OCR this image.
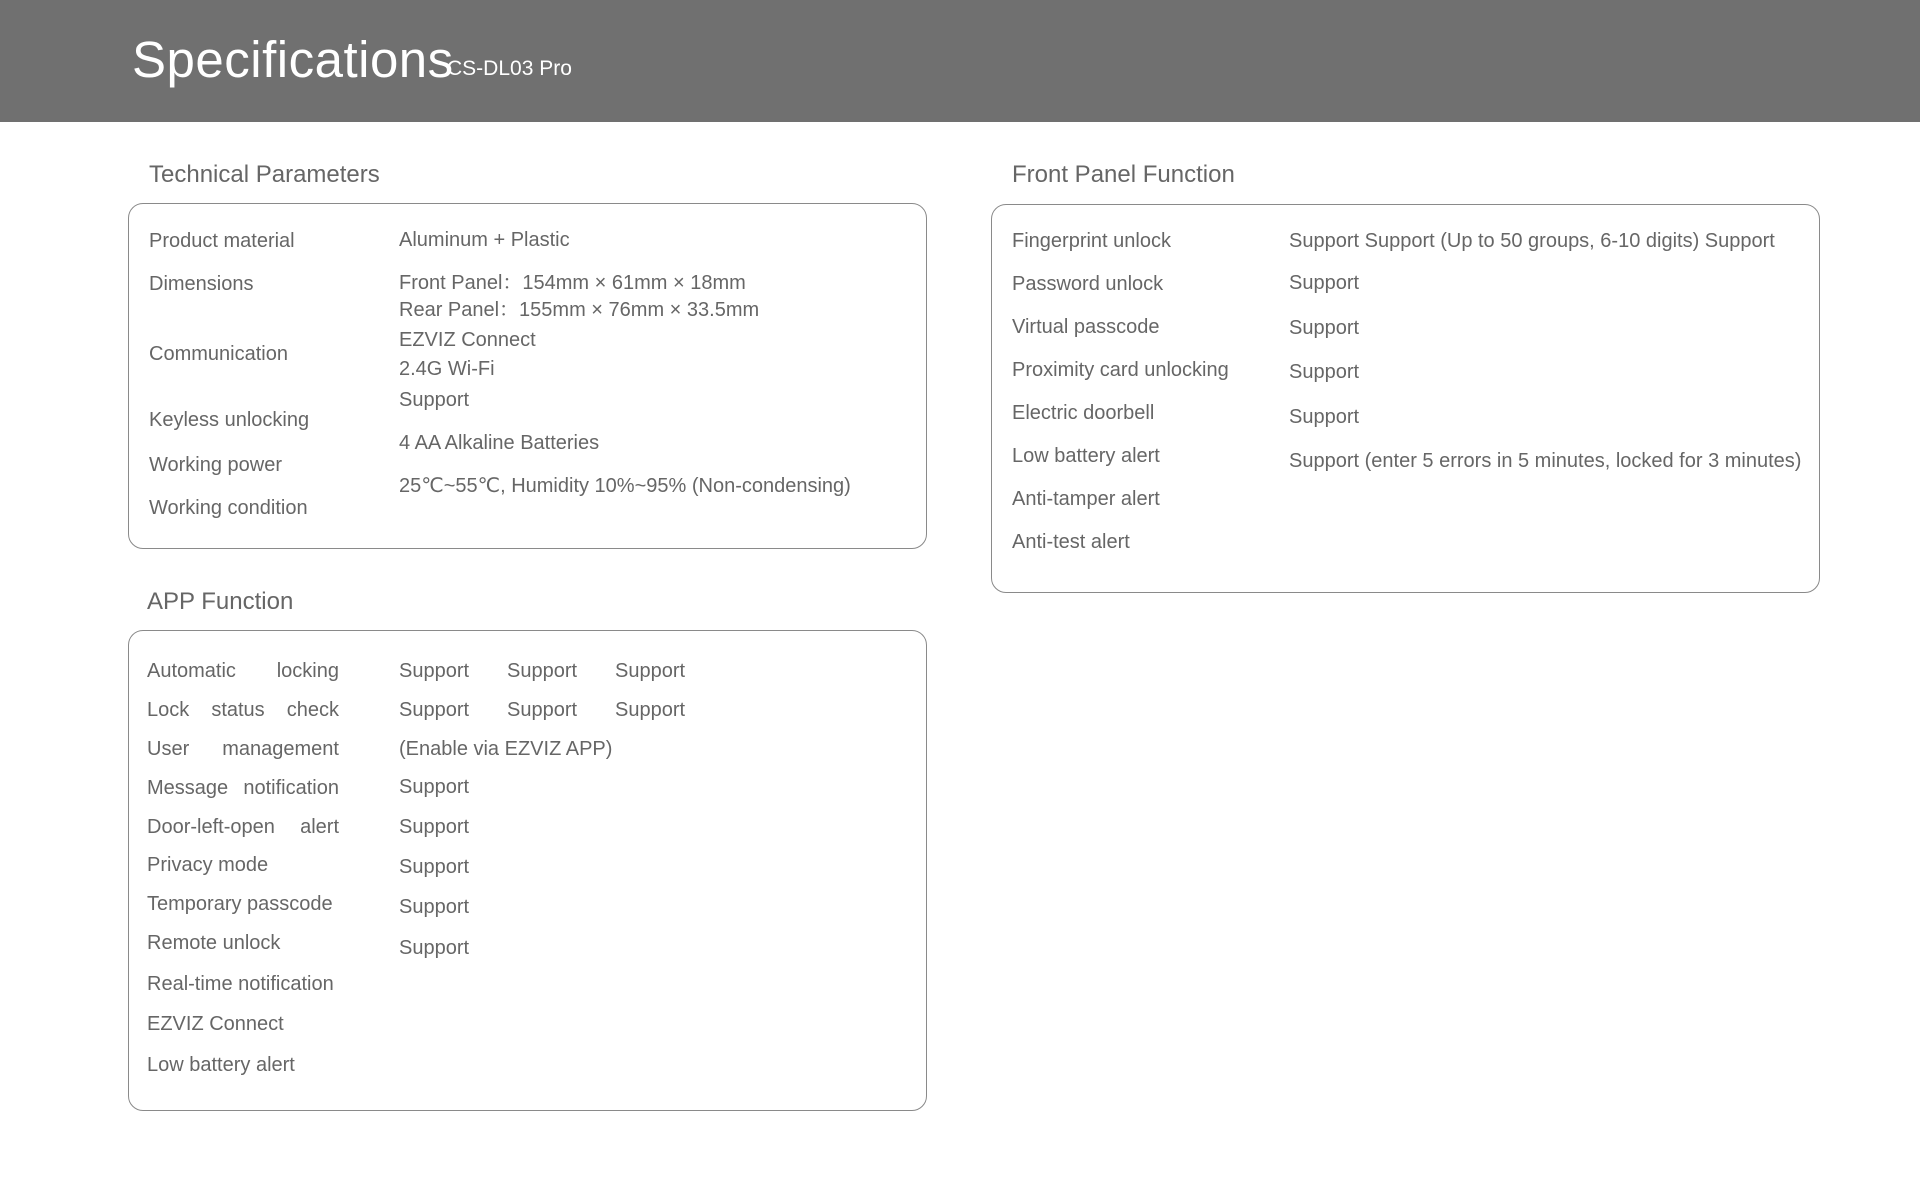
Specifications
CS-DL03 Pro
Technical Parameters
Product material
Dimensions
Communication
Keyless unlocking
Working power
Working condition
Aluminum + Plastic
Front Panel：154mm × 61mm × 18mm
Rear Panel：155mm × 76mm × 33.5mm
EZVIZ Connect
2.4G Wi-Fi
Support
4 AA Alkaline Batteries
25℃~55℃, Humidity 10%~95% (Non-condensing)
APP Function
Automatic locking
Lock status check
User management
Message notification
Door-left-open alert
Privacy mode
Temporary passcode
Remote unlock
Real-time notification
EZVIZ Connect
Low battery alert
Support Support Support
Support Support Support
(Enable via EZVIZ APP)
Support
Support
Support
Support
Support
Front Panel Function
Fingerprint unlock
Password unlock
Virtual passcode
Proximity card unlocking
Electric doorbell
Low battery alert
Anti-tamper alert
Anti-test alert
Support Support (Up to 50 groups, 6-10 digits) Support
Support
Support
Support
Support
Support (enter 5 errors in 5 minutes, locked for 3 minutes)
